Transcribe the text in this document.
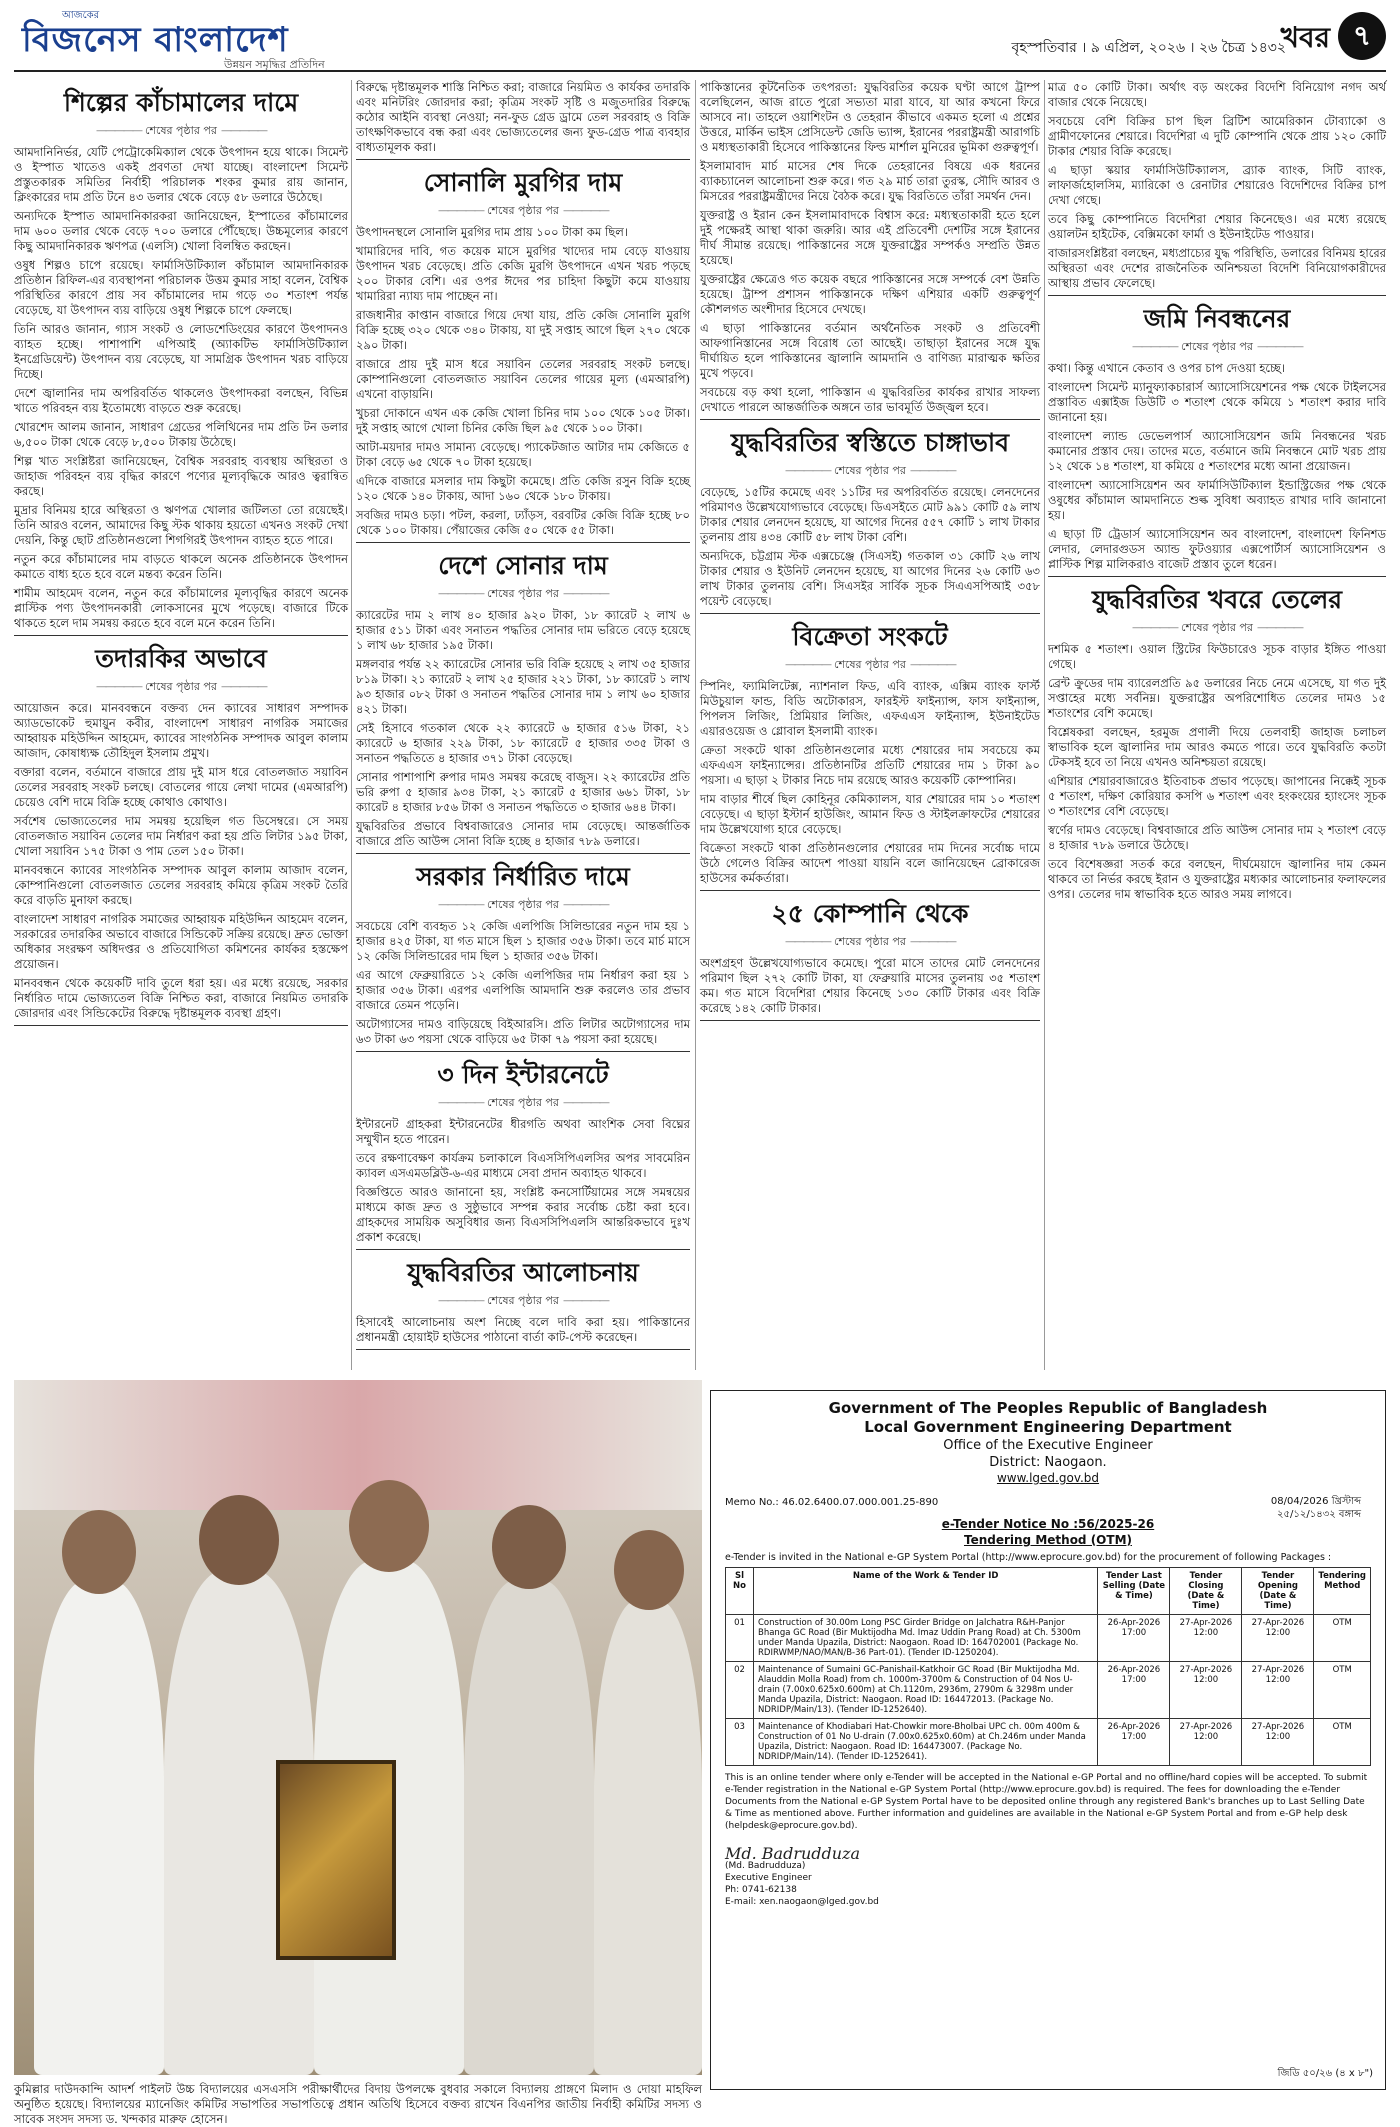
আজকের
বিজনেস বাংলাদেশ
উন্নয়ন সমৃদ্ধির প্রতিদিন
বৃহস্পতিবার । ৯ এপ্রিল, ২০২৬ । ২৬ চৈত্র ১৪৩২
খবর ৭
শিল্পের কাঁচামালের দামে
————— শেষের পৃষ্ঠার পর —————

আমদানিনির্ভর, যেটি পেট্রোকেমিক্যাল থেকে উৎপাদন হয়ে থাকে। সিমেন্ট ও ইস্পাত খাতেও একই প্রবণতা দেখা যাচ্ছে। বাংলাদেশ সিমেন্ট প্রস্তুতকারক সমিতির নির্বাহী পরিচালক শংকর কুমার রায় জানান, ক্লিংকারের দাম প্রতি টনে ৪৩ ডলার থেকে বেড়ে ৫৮ ডলারে উঠেছে।

অন্যদিকে ইস্পাত আমদানিকারকরা জানিয়েছেন, ইস্পাতের কাঁচামালের দাম ৬০০ ডলার থেকে বেড়ে ৭০০ ডলারে পৌঁছেছে। উচ্চমূল্যের কারণে কিছু আমদানিকারক ঋণপত্র (এলসি) খোলা বিলম্বিত করছেন।

ওষুধ শিল্পও চাপে রয়েছে। ফার্মাসিউটিক্যাল কাঁচামাল আমদানিকারক প্রতিষ্ঠান রিফিল-এর ব্যবস্থাপনা পরিচালক উত্তম কুমার সাহা বলেন, বৈশ্বিক পরিস্থিতির কারণে প্রায় সব কাঁচামালের দাম গড়ে ৩০ শতাংশ পর্যন্ত বেড়েছে, যা উৎপাদন ব্যয় বাড়িয়ে ওষুধ শিল্পকে চাপে ফেলছে।

তিনি আরও জানান, গ্যাস সংকট ও লোডশেডিংয়ের কারণে উৎপাদনও ব্যাহত হচ্ছে। পাশাপাশি এপিআই (অ্যাকটিভ ফার্মাসিউটিক্যাল ইনগ্রেডিয়েন্ট) উৎপাদন ব্যয় বেড়েছে, যা সামগ্রিক উৎপাদন খরচ বাড়িয়ে দিচ্ছে।

দেশে জ্বালানির দাম অপরিবর্তিত থাকলেও উৎপাদকরা বলছেন, বিভিন্ন খাতে পরিবহন ব্যয় ইতোমধ্যে বাড়তে শুরু করেছে।

খোরশেদ আলম জানান, সাধারণ গ্রেডের পলিথিনের দাম প্রতি টন ডলার ৬,৫০০ টাকা থেকে বেড়ে ৮,৫০০ টাকায় উঠেছে।

শিল্প খাত সংশ্লিষ্টরা জানিয়েছেন, বৈশ্বিক সরবরাহ ব্যবস্থায় অস্থিরতা ও জাহাজ পরিবহন ব্যয় বৃদ্ধির কারণে পণ্যের মূল্যবৃদ্ধিকে আরও ত্বরান্বিত করছে।

মুদ্রার বিনিময় হারে অস্থিরতা ও ঋণপত্র খোলার জটিলতা তো রয়েছেই। তিনি আরও বলেন, আমাদের কিছু স্টক থাকায় হয়তো এখনও সংকট দেখা দেয়নি, কিন্তু ছোট প্রতিষ্ঠানগুলো শিগগিরই উৎপাদন ব্যাহত হতে পারে।

নতুন করে কাঁচামালের দাম বাড়তে থাকলে অনেক প্রতিষ্ঠানকে উৎপাদন কমাতে বাধ্য হতে হবে বলে মন্তব্য করেন তিনি।

শামীম আহমেদ বলেন, নতুন করে কাঁচামালের মূল্যবৃদ্ধির কারণে অনেক প্লাস্টিক পণ্য উৎপাদনকারী লোকসানের মুখে পড়েছে। বাজারে টিকে থাকতে হলে দাম সমন্বয় করতে হবে বলে মনে করেন তিনি।

তদারকির অভাবে
————— শেষের পৃষ্ঠার পর —————

আয়োজন করে। মানববন্ধনে বক্তব্য দেন ক্যাবের সাধারণ সম্পাদক অ্যাডভোকেট হুমায়ুন কবীর, বাংলাদেশ সাধারণ নাগরিক সমাজের আহ্বায়ক মহিউদ্দিন আহমেদ, ক্যাবের সাংগঠনিক সম্পাদক আবুল কালাম আজাদ, কোষাধ্যক্ষ তৌহিদুল ইসলাম প্রমুখ।

বক্তারা বলেন, বর্তমানে বাজারে প্রায় দুই মাস ধরে বোতলজাত সয়াবিন তেলের সরবরাহ সংকট চলছে। বোতলের গায়ে লেখা দামের (এমআরপি) চেয়েও বেশি দামে বিক্রি হচ্ছে কোথাও কোথাও।

সর্বশেষ ভোজ্যতেলের দাম সমন্বয় হয়েছিল গত ডিসেম্বরে। সে সময় বোতলজাত সয়াবিন তেলের দাম নির্ধারণ করা হয় প্রতি লিটার ১৯৫ টাকা, খোলা সয়াবিন ১৭৫ টাকা ও পাম তেল ১৫০ টাকা।

মানববন্ধনে ক্যাবের সাংগঠনিক সম্পাদক আবুল কালাম আজাদ বলেন, কোম্পানিগুলো বোতলজাত তেলের সরবরাহ কমিয়ে কৃত্রিম সংকট তৈরি করে বাড়তি মুনাফা করছে।

বাংলাদেশ সাধারণ নাগরিক সমাজের আহ্বায়ক মহিউদ্দিন আহমেদ বলেন, সরকারের তদারকির অভাবে বাজারে সিন্ডিকেট সক্রিয় রয়েছে। দ্রুত ভোক্তা অধিকার সংরক্ষণ অধিদপ্তর ও প্রতিযোগিতা কমিশনের কার্যকর হস্তক্ষেপ প্রয়োজন।

মানববন্ধন থেকে কয়েকটি দাবি তুলে ধরা হয়। এর মধ্যে রয়েছে, সরকার নির্ধারিত দামে ভোজ্যতেল বিক্রি নিশ্চিত করা, বাজারে নিয়মিত তদারকি জোরদার এবং সিন্ডিকেটের বিরুদ্ধে দৃষ্টান্তমূলক ব্যবস্থা গ্রহণ।

বিরুদ্ধে দৃষ্টান্তমূলক শাস্তি নিশ্চিত করা; বাজারে নিয়মিত ও কার্যকর তদারকি এবং মনিটরিং জোরদার করা; কৃত্রিম সংকট সৃষ্টি ও মজুতদারির বিরুদ্ধে কঠোর আইনি ব্যবস্থা নেওয়া; নন-ফুড গ্রেড ড্রামে তেল সরবরাহ ও বিক্রি তাৎক্ষণিকভাবে বন্ধ করা এবং ভোজ্যতেলের জন্য ফুড-গ্রেড পাত্র ব্যবহার বাধ্যতামূলক করা।

সোনালি মুরগির দাম
————— শেষের পৃষ্ঠার পর —————

উৎপাদনস্থলে সোনালি মুরগির দাম প্রায় ১০০ টাকা কম ছিল।

খামারিদের দাবি, গত কয়েক মাসে মুরগির খাদ্যের দাম বেড়ে যাওয়ায় উৎপাদন খরচ বেড়েছে। প্রতি কেজি মুরগি উৎপাদনে এখন খরচ পড়ছে ২০০ টাকার বেশি। এর ওপর ঈদের পর চাহিদা কিছুটা কমে যাওয়ায় খামারিরা ন্যায্য দাম পাচ্ছেন না।

রাজধানীর কাপ্তান বাজারে গিয়ে দেখা যায়, প্রতি কেজি সোনালি মুরগি বিক্রি হচ্ছে ৩২০ থেকে ৩৪০ টাকায়, যা দুই সপ্তাহ আগে ছিল ২৭০ থেকে ২৯০ টাকা।

বাজারে প্রায় দুই মাস ধরে সয়াবিন তেলের সরবরাহ সংকট চলছে। কোম্পানিগুলো বোতলজাত সয়াবিন তেলের গায়ের মূল্য (এমআরপি) এখনো বাড়ায়নি।

খুচরা দোকানে এখন এক কেজি খোলা চিনির দাম ১০০ থেকে ১০৫ টাকা। দুই সপ্তাহ আগে খোলা চিনির কেজি ছিল ৯৫ থেকে ১০০ টাকা।

আটা-ময়দার দামও সামান্য বেড়েছে। প্যাকেটজাত আটার দাম কেজিতে ৫ টাকা বেড়ে ৬৫ থেকে ৭০ টাকা হয়েছে।

এদিকে বাজারে মসলার দাম কিছুটা কমেছে। প্রতি কেজি রসুন বিক্রি হচ্ছে ১২০ থেকে ১৪০ টাকায়, আদা ১৬০ থেকে ১৮০ টাকায়।

সবজির দামও চড়া। পটল, করলা, ঢ্যাঁড়স, বরবটির কেজি বিক্রি হচ্ছে ৮০ থেকে ১০০ টাকায়। পেঁয়াজের কেজি ৫০ থেকে ৫৫ টাকা।

দেশে সোনার দাম
————— শেষের পৃষ্ঠার পর —————

ক্যারেটের দাম ২ লাখ ৪০ হাজার ৯২০ টাকা, ১৮ ক্যারেট ২ লাখ ৬ হাজার ৫১১ টাকা এবং সনাতন পদ্ধতির সোনার দাম ভরিতে বেড়ে হয়েছে ১ লাখ ৬৮ হাজার ১৯৫ টাকা।

মঙ্গলবার পর্যন্ত ২২ ক্যারেটের সোনার ভরি বিক্রি হয়েছে ২ লাখ ৩৫ হাজার ৮১৯ টাকা। ২১ ক্যারেট ২ লাখ ২৫ হাজার ২২১ টাকা, ১৮ ক্যারেট ১ লাখ ৯৩ হাজার ০৮২ টাকা ও সনাতন পদ্ধতির সোনার দাম ১ লাখ ৬০ হাজার ৪২১ টাকা।

সেই হিসাবে গতকাল থেকে ২২ ক্যারেটে ৬ হাজার ৫১৬ টাকা, ২১ ক্যারেটে ৬ হাজার ২২৯ টাকা, ১৮ ক্যারেটে ৫ হাজার ৩৩৫ টাকা ও সনাতন পদ্ধতিতে ৪ হাজার ৩৭১ টাকা বেড়েছে।

সোনার পাশাপাশি রুপার দামও সমন্বয় করেছে বাজুস। ২২ ক্যারেটের প্রতি ভরি রুপা ৫ হাজার ৯৩৪ টাকা, ২১ ক্যারেট ৫ হাজার ৬৬১ টাকা, ১৮ ক্যারেট ৪ হাজার ৮৫৬ টাকা ও সনাতন পদ্ধতিতে ৩ হাজার ৬৪৪ টাকা।

যুদ্ধবিরতির প্রভাবে বিশ্ববাজারেও সোনার দাম বেড়েছে। আন্তর্জাতিক বাজারে প্রতি আউন্স সোনা বিক্রি হচ্ছে ৪ হাজার ৭৮৯ ডলারে।

সরকার নির্ধারিত দামে
————— শেষের পৃষ্ঠার পর —————

সবচেয়ে বেশি ব্যবহৃত ১২ কেজি এলপিজি সিলিন্ডারের নতুন দাম হয় ১ হাজার ৪২৫ টাকা, যা গত মাসে ছিল ১ হাজার ৩৫৬ টাকা। তবে মার্চ মাসে ১২ কেজি সিলিন্ডারের দাম ছিল ১ হাজার ৩৫৬ টাকা।

এর আগে ফেব্রুয়ারিতে ১২ কেজি এলপিজির দাম নির্ধারণ করা হয় ১ হাজার ৩৫৬ টাকা। এরপর এলপিজি আমদানি শুরু করলেও তার প্রভাব বাজারে তেমন পড়েনি।

অটোগ্যাসের দামও বাড়িয়েছে বিইআরসি। প্রতি লিটার অটোগ্যাসের দাম ৬৩ টাকা ৬৩ পয়সা থেকে বাড়িয়ে ৬৫ টাকা ৭৯ পয়সা করা হয়েছে।

৩ দিন ইন্টারনেটে
————— শেষের পৃষ্ঠার পর —————

ইন্টারনেট গ্রাহকরা ইন্টারনেটের ধীরগতি অথবা আংশিক সেবা বিঘ্নের সম্মুখীন হতে পারেন।

তবে রক্ষণাবেক্ষণ কার্যক্রম চলাকালে বিএসসিপিএলসির অপর সাবমেরিন ক্যাবল এসএমডব্লিউ-৬-এর মাধ্যমে সেবা প্রদান অব্যাহত থাকবে।

বিজ্ঞপ্তিতে আরও জানানো হয়, সংশ্লিষ্ট কনসোর্টিয়ামের সঙ্গে সমন্বয়ের মাধ্যমে কাজ দ্রুত ও সুষ্ঠুভাবে সম্পন্ন করার সর্বোচ্চ চেষ্টা করা হবে। গ্রাহকদের সাময়িক অসুবিধার জন্য বিএসসিপিএলসি আন্তরিকভাবে দুঃখ প্রকাশ করেছে।

যুদ্ধবিরতির আলোচনায়
————— শেষের পৃষ্ঠার পর —————

হিসাবেই আলোচনায় অংশ নিচ্ছে বলে দাবি করা হয়। পাকিস্তানের প্রধানমন্ত্রী হোয়াইট হাউসের পাঠানো বার্তা কাট-পেস্ট করেছেন।

পাকিস্তানের কূটনৈতিক তৎপরতা: যুদ্ধবিরতির কয়েক ঘণ্টা আগে ট্রাম্প বলেছিলেন, আজ রাতে পুরো সভ্যতা মারা যাবে, যা আর কখনো ফিরে আসবে না। তাহলে ওয়াশিংটন ও তেহরান কীভাবে একমত হলো এ প্রশ্নের উত্তরে, মার্কিন ভাইস প্রেসিডেন্ট জেডি ভ্যান্স, ইরানের পররাষ্ট্রমন্ত্রী আরাগচি ও মধ্যস্থতাকারী হিসেবে পাকিস্তানের ফিল্ড মার্শাল মুনিরের ভূমিকা গুরুত্বপূর্ণ।

ইসলামাবাদ মার্চ মাসের শেষ দিকে তেহরানের বিষয়ে এক ধরনের ব্যাকচ্যানেল আলোচনা শুরু করে। গত ২৯ মার্চ তারা তুরস্ক, সৌদি আরব ও মিসরের পররাষ্ট্রমন্ত্রীদের নিয়ে বৈঠক করে। যুদ্ধ বিরতিতে তাঁরা সমর্থন দেন।

যুক্তরাষ্ট্র ও ইরান কেন ইসলামাবাদকে বিশ্বাস করে: মধ্যস্থতাকারী হতে হলে দুই পক্ষেরই আস্থা থাকা জরুরি। আর এই প্রতিবেশী দেশটির সঙ্গে ইরানের দীর্ঘ সীমান্ত রয়েছে। পাকিস্তানের সঙ্গে যুক্তরাষ্ট্রের সম্পর্কও সম্প্রতি উন্নত হয়েছে।

যুক্তরাষ্ট্রের ক্ষেত্রেও গত কয়েক বছরে পাকিস্তানের সঙ্গে সম্পর্কে বেশ উন্নতি হয়েছে। ট্রাম্প প্রশাসন পাকিস্তানকে দক্ষিণ এশিয়ার একটি গুরুত্বপূর্ণ কৌশলগত অংশীদার হিসেবে দেখছে।

এ ছাড়া পাকিস্তানের বর্তমান অর্থনৈতিক সংকট ও প্রতিবেশী আফগানিস্তানের সঙ্গে বিরোধ তো আছেই। তাছাড়া ইরানের সঙ্গে যুদ্ধ দীর্ঘায়িত হলে পাকিস্তানের জ্বালানি আমদানি ও বাণিজ্য মারাত্মক ক্ষতির মুখে পড়বে।

সবচেয়ে বড় কথা হলো, পাকিস্তান এ যুদ্ধবিরতির কার্যকর রাখার সাফল্য দেখাতে পারলে আন্তর্জাতিক অঙ্গনে তার ভাবমূর্তি উজ্জ্বল হবে।

যুদ্ধবিরতির স্বস্তিতে চাঙ্গাভাব
————— শেষের পৃষ্ঠার পর —————

বেড়েছে, ১৫টির কমেছে এবং ১১টির দর অপরিবর্তিত রয়েছে। লেনদেনের পরিমাণও উল্লেখযোগ্যভাবে বেড়েছে। ডিএসইতে মোট ৯৯১ কোটি ৫৯ লাখ টাকার শেয়ার লেনদেন হয়েছে, যা আগের দিনের ৫৫৭ কোটি ১ লাখ টাকার তুলনায় প্রায় ৪৩৪ কোটি ৫৮ লাখ টাকা বেশি।

অন্যদিকে, চট্টগ্রাম স্টক এক্সচেঞ্জে (সিএসই) গতকাল ৩১ কোটি ২৬ লাখ টাকার শেয়ার ও ইউনিট লেনদেন হয়েছে, যা আগের দিনের ২৬ কোটি ৬৩ লাখ টাকার তুলনায় বেশি। সিএসইর সার্বিক সূচক সিএএসপিআই ৩৫৮ পয়েন্ট বেড়েছে।

বিক্রেতা সংকটে
————— শেষের পৃষ্ঠার পর —————

স্পিনিং, ফ্যামিলিটেক্স, ন্যাশনাল ফিড, এবি ব্যাংক, এক্সিম ব্যাংক ফার্স্ট মিউচুয়াল ফান্ড, বিডি অটোকারস, ফারইস্ট ফাইন্যান্স, ফাস ফাইন্যান্স, পিপলস লিজিং, প্রিমিয়ার লিজিং, এফএএস ফাইন্যান্স, ইউনাইটেড এয়ারওয়েজ ও গ্লোবাল ইসলামী ব্যাংক।

ক্রেতা সংকটে থাকা প্রতিষ্ঠানগুলোর মধ্যে শেয়ারের দাম সবচেয়ে কম এফএএস ফাইন্যান্সের। প্রতিষ্ঠানটির প্রতিটি শেয়ারের দাম ১ টাকা ৯০ পয়সা। এ ছাড়া ২ টাকার নিচে দাম রয়েছে আরও কয়েকটি কোম্পানির।

দাম বাড়ার শীর্ষে ছিল কোহিনূর কেমিক্যালস, যার শেয়ারের দাম ১০ শতাংশ বেড়েছে। এ ছাড়া ইস্টার্ন হাউজিং, আমান ফিড ও স্টাইলক্রাফটের শেয়ারের দাম উল্লেখযোগ্য হারে বেড়েছে।

বিক্রেতা সংকটে থাকা প্রতিষ্ঠানগুলোর শেয়ারের দাম দিনের সর্বোচ্চ দামে উঠে গেলেও বিক্রির আদেশ পাওয়া যায়নি বলে জানিয়েছেন ব্রোকারেজ হাউসের কর্মকর্তারা।

২৫ কোম্পানি থেকে
————— শেষের পৃষ্ঠার পর —————

অংশগ্রহণ উল্লেখযোগ্যভাবে কমেছে। পুরো মাসে তাদের মোট লেনদেনের পরিমাণ ছিল ২৭২ কোটি টাকা, যা ফেব্রুয়ারি মাসের তুলনায় ৩৫ শতাংশ কম। গত মাসে বিদেশিরা শেয়ার কিনেছে ১৩০ কোটি টাকার এবং বিক্রি করেছে ১৪২ কোটি টাকার।

মাত্র ৫০ কোটি টাকা। অর্থাৎ বড় অংকের বিদেশি বিনিয়োগ নগদ অর্থ বাজার থেকে নিয়েছে।

সবচেয়ে বেশি বিক্রির চাপ ছিল ব্রিটিশ আমেরিকান টোব্যাকো ও গ্রামীণফোনের শেয়ারে। বিদেশিরা এ দুটি কোম্পানি থেকে প্রায় ১২০ কোটি টাকার শেয়ার বিক্রি করেছে।

এ ছাড়া স্কয়ার ফার্মাসিউটিক্যালস, ব্র্যাক ব্যাংক, সিটি ব্যাংক, লাফার্জহোলসিম, ম্যারিকো ও রেনাটার শেয়ারেও বিদেশিদের বিক্রির চাপ দেখা গেছে।

তবে কিছু কোম্পানিতে বিদেশিরা শেয়ার কিনেছেও। এর মধ্যে রয়েছে ওয়ালটন হাইটেক, বেক্সিমকো ফার্মা ও ইউনাইটেড পাওয়ার।

বাজারসংশ্লিষ্টরা বলছেন, মধ্যপ্রাচ্যের যুদ্ধ পরিস্থিতি, ডলারের বিনিময় হারের অস্থিরতা এবং দেশের রাজনৈতিক অনিশ্চয়তা বিদেশি বিনিয়োগকারীদের আস্থায় প্রভাব ফেলেছে।

জমি নিবন্ধনের
————— শেষের পৃষ্ঠার পর —————

কথা। কিন্তু এখানে কেতাব ও ওপর চাপ দেওয়া হচ্ছে।

বাংলাদেশ সিমেন্ট ম্যানুফ্যাকচারার্স অ্যাসোসিয়েশনের পক্ষ থেকে টাইলসের প্রস্তাবিত এক্সাইজ ডিউটি ৩ শতাংশ থেকে কমিয়ে ১ শতাংশ করার দাবি জানানো হয়।

বাংলাদেশ ল্যান্ড ডেভেলপার্স অ্যাসোসিয়েশন জমি নিবন্ধনের খরচ কমানোর প্রস্তাব দেয়। তাদের মতে, বর্তমানে জমি নিবন্ধনে মোট খরচ প্রায় ১২ থেকে ১৪ শতাংশ, যা কমিয়ে ৫ শতাংশের মধ্যে আনা প্রয়োজন।

বাংলাদেশ অ্যাসোসিয়েশন অব ফার্মাসিউটিক্যাল ইন্ডাস্ট্রিজের পক্ষ থেকে ওষুধের কাঁচামাল আমদানিতে শুল্ক সুবিধা অব্যাহত রাখার দাবি জানানো হয়।

এ ছাড়া টি ট্রেডার্স অ্যাসোসিয়েশন অব বাংলাদেশ, বাংলাদেশ ফিনিশড লেদার, লেদারগুডস অ্যান্ড ফুটওয়্যার এক্সপোর্টার্স অ্যাসোসিয়েশন ও প্লাস্টিক শিল্প মালিকরাও বাজেট প্রস্তাব তুলে ধরেন।

যুদ্ধবিরতির খবরে তেলের
————— শেষের পৃষ্ঠার পর —————

দশমিক ৫ শতাংশ। ওয়াল স্ট্রিটের ফিউচারেও সূচক বাড়ার ইঙ্গিত পাওয়া গেছে।

ব্রেন্ট ক্রুডের দাম ব্যারেলপ্রতি ৯৫ ডলারের নিচে নেমে এসেছে, যা গত দুই সপ্তাহের মধ্যে সর্বনিম্ন। যুক্তরাষ্ট্রের অপরিশোধিত তেলের দামও ১৫ শতাংশের বেশি কমেছে।

বিশ্লেষকরা বলছেন, হরমুজ প্রণালী দিয়ে তেলবাহী জাহাজ চলাচল স্বাভাবিক হলে জ্বালানির দাম আরও কমতে পারে। তবে যুদ্ধবিরতি কতটা টেকসই হবে তা নিয়ে এখনও অনিশ্চয়তা রয়েছে।

এশিয়ার শেয়ারবাজারেও ইতিবাচক প্রভাব পড়েছে। জাপানের নিক্কেই সূচক ৫ শতাংশ, দক্ষিণ কোরিয়ার কসপি ৬ শতাংশ এবং হংকংয়ের হ্যাংসেং সূচক ৩ শতাংশের বেশি বেড়েছে।

স্বর্ণের দামও বেড়েছে। বিশ্ববাজারে প্রতি আউন্স সোনার দাম ২ শতাংশ বেড়ে ৪ হাজার ৭৮৯ ডলারে উঠেছে।

তবে বিশেষজ্ঞরা সতর্ক করে বলছেন, দীর্ঘমেয়াদে জ্বালানির দাম কেমন থাকবে তা নির্ভর করছে ইরান ও যুক্তরাষ্ট্রের মধ্যকার আলোচনার ফলাফলের ওপর। তেলের দাম স্বাভাবিক হতে আরও সময় লাগবে।

কুমিল্লার দাউদকান্দি আদর্শ পাইলট উচ্চ বিদ্যালয়ের এসএসসি পরীক্ষার্থীদের বিদায় উপলক্ষে বুধবার সকালে বিদ্যালয় প্রাঙ্গণে মিলাদ ও দোয়া মাহফিল অনুষ্ঠিত হয়েছে। বিদ্যালয়ের ম্যানেজিং কমিটির সভাপতির সভাপতিত্বে প্রধান অতিথি হিসেবে বক্তব্য রাখেন বিএনপির জাতীয় নির্বাহী কমিটির সদস্য ও সাবেক সংসদ সদস্য ড. খন্দকার মারুফ হোসেন।

Government of The Peoples Republic of Bangladesh
Local Government Engineering Department
Office of the Executive Engineer
District: Naogaon.
www.lged.gov.bd
08/04/2026 খ্রিস্টাব্দ
২৫/১২/১৪৩২ বঙ্গাব্দ
Memo No.: 46.02.6400.07.000.001.25-890
e-Tender Notice No :56/2025-26
Tendering Method (OTM)
e-Tender is invited in the National e-GP System Portal (http://www.eprocure.gov.bd) for the procurement of following Packages :
Sl No	Name of the Work & Tender ID	Tender Last Selling (Date & Time)	Tender Closing (Date & Time)	Tender Opening (Date & Time)	Tendering Method
01	Construction of 30.00m Long PSC Girder Bridge on Jalchatra R&H-Panjor Bhanga GC Road (Bir Muktijodha Md. Imaz Uddin Prang Road) at Ch. 5300m under Manda Upazila, District: Naogaon. Road ID: 164702001 (Package No. RDIRWMP/NAO/MAN/B-36 Part-01). (Tender ID-1250204).	26-Apr-2026 17:00	27-Apr-2026 12:00	27-Apr-2026 12:00	OTM
02	Maintenance of Sumaini GC-Panishail-Katkhoir GC Road (Bir Muktijodha Md. Alauddin Molla Road) from ch. 1000m-3700m & Construction of 04 Nos U-drain (7.00x0.625x0.600m) at Ch.1120m, 2936m, 2790m & 3298m under Manda Upazila, District: Naogaon. Road ID: 164472013. (Package No. NDRIDP/Main/13). (Tender ID-1252640).	26-Apr-2026 17:00	27-Apr-2026 12:00	27-Apr-2026 12:00	OTM
03	Maintenance of Khodiabari Hat-Chowkir more-Bholbai UPC ch. 00m 400m & Construction of 01 No U-drain (7.00x0.625x0.60m) at Ch.246m under Manda Upazila, District: Naogaon. Road ID: 164473007. (Package No. NDRIDP/Main/14). (Tender ID-1252641).	26-Apr-2026 17:00	27-Apr-2026 12:00	27-Apr-2026 12:00	OTM
This is an online tender where only e-Tender will be accepted in the National e-GP Portal and no offline/hard copies will be accepted. To submit e-Tender registration in the National e-GP System Portal (http://www.eprocure.gov.bd) is required. The fees for downloading the e-Tender Documents from the National e-GP System Portal have to be deposited online through any registered Bank's branches up to Last Selling Date & Time as mentioned above. Further information and guidelines are available in the National e-GP System Portal and from e-GP help desk (helpdesk@eprocure.gov.bd).
Md. Badrudduza
(Md. Badrudduza)
Executive Engineer
Ph: 0741-62138
E-mail: xen.naogaon@lged.gov.bd
জিডি ৫০/২৬ (৪ x ৮")
